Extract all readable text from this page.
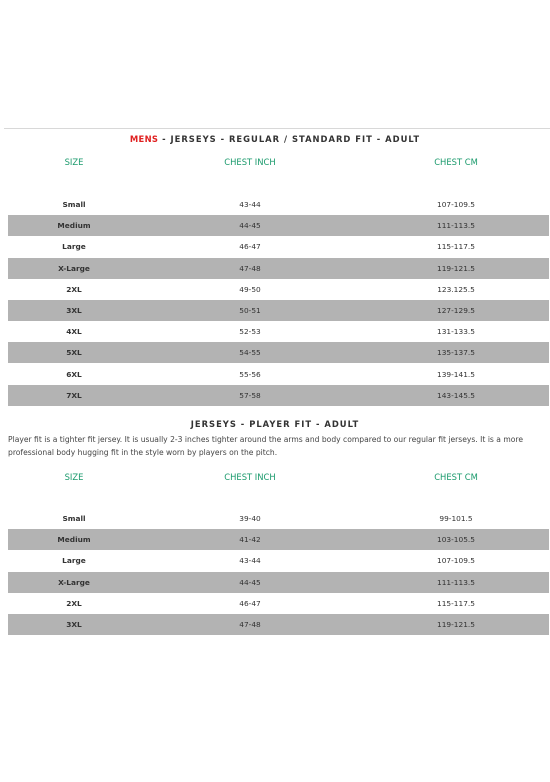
MENS - JERSEYS - REGULAR / STANDARD FIT - ADULT
SIZE	CHEST INCH	CHEST CM
Small	43-44	107-109.5
Medium	44-45	111-113.5
Large	46-47	115-117.5
X-Large	47-48	119-121.5
2XL	49-50	123.125.5
3XL	50-51	127-129.5
4XL	52-53	131-133.5
5XL	54-55	135-137.5
6XL	55-56	139-141.5
7XL	57-58	143-145.5
JERSEYS - PLAYER FIT - ADULT
Player fit is a tighter fit jersey. It is usually 2-3 inches tighter around the arms and body compared to our regular fit jerseys. It is a more professional body hugging fit in the style worn by players on the pitch.
SIZE	CHEST INCH	CHEST CM
Small	39-40	99-101.5
Medium	41-42	103-105.5
Large	43-44	107-109.5
X-Large	44-45	111-113.5
2XL	46-47	115-117.5
3XL	47-48	119-121.5
